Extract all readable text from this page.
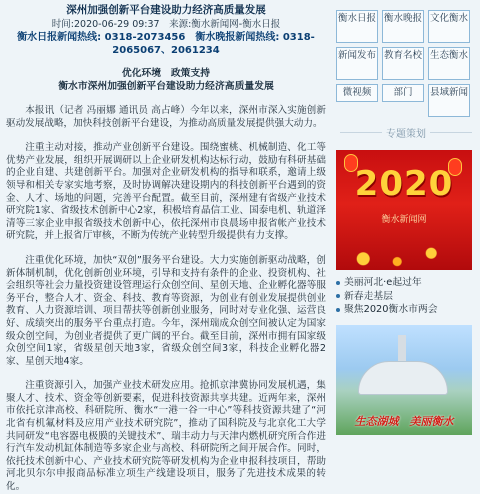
深州加强创新平台建设助力经济高质量发展
时间:2020-06-29 09:37　来源:衡水新闻网-衡水日报
衡水日报新闻热线: 0318-2073456　衡水晚报新闻热线: 0318-
2065067、2061234
优化环境　政策支持
衡水市深州加强创新平台建设助力经济高质量发展

本报讯（记者 冯丽娜 通讯员 高占峰）今年以来，深州市深入实施创新驱动发展战略，加快科技创新平台建设，为推动高质量发展提供强大动力。

注重主动对接，推动产业创新平台建设。围绕蜜桃、机械制造、化工等优势产业发展，组织开展调研以上企业研发机构达标行动，鼓励有科研基础的企业自建、共建创新平台。加强对企业研发机构的指导和联系，邀请上级领导和相关专家实地考察，及时协调解决建设期内的科技创新平台遇到的资金、人才、场地的问题，完善平台配置。截至目前，深州建有省级产业技术研究院1家、省级技术创新中心2家，积极培育晶信工业、国泰电机、轨道泽清等三家企业申报省级技术创新中心，依托深州市良晨场申报省帐产业技术研究院，并上报省厅审核，不断为传统产业转型升级提供有力支撑。

注重优化环境，加快“双创”服务平台建设。大力实施创新驱动战略，创新体制机制，优化创新创业环境，引导和支持有条件的企业、投资机构、社会组织等社会力量投资建设管理运行众创空间、星创天地、企业孵化器等服务平台，整合人才、资金、科技、教育等资源，为创业有创业发展提供创业教育、人力资源培训、项目帮扶等创新创业服务，同时对专业化强、运营良好、成绩突出的服务平台重点打造。今年，深州瑞成众创空间被认定为国家级众创空间，为创业者提供了更广阔的平台。截至目前，深州市拥有国家级众创空间1家，省级星创天地3家，省级众创空间3家，科技企业孵化器2家、星创天地4家。

注重资源引入，加强产业技术研发应用。抢抓京津冀协同发展机遇，集聚人才、技术、资金等创新要素，促进科技资源共享共建。近两年来，深州市依托京津高校、科研院所、衡水“一港一谷一中心”等科技资源共建了“河北省有机氟材料及应用产业技术研究院”，推动了国科院及与北京化工大学共同研发“电容器电极膜的关键技术”、瑞丰动力与天津内燃机研究所合作进行汽车发动机缸体制造等多家企业与高校、科研院所之间开展合作。同时，依托技术创新中心、产业技术研究院等研发机构为企业申报科技项目，帮助河北贝尔尔申报商品标准立项生产线建设项目，服务了先进技术成果的转化。

衡水日报 衡水晚报 文化衡水
新闻发布 教育名校 生态衡水
微视频	部门	县域新闻
专题策划
2020
衡水新闻网
美丽河北·e起过年
新春走基层
聚焦2020衡水市两会
生态湖城　美丽衡水
